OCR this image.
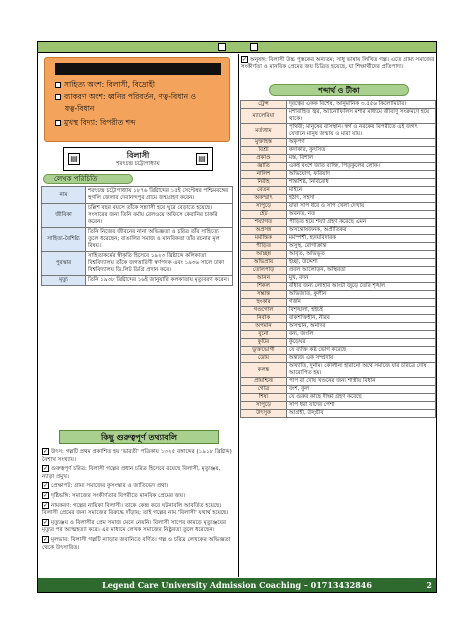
সাহিত্য অংশ: বিলাসী, বিদ্রোহী
ব্যাকরণ অংশ: ধ্বনির পরিবর্তন, ণত্ব-বিধান ও
ষত্ব-বিধান
মুখস্থ বিদ্যা: বিপরীত শব্দ
▤	বিলাসী
শরৎচন্দ্র চট্টোপাধ্যায়
▤
লেখক পরিচিতি
নাম	শরৎচন্দ্র চট্টোপাধ্যায় ১৮৭৬ খ্রিষ্টাব্দের ১৫ই সেপ্টেম্বর পশ্চিমবঙ্গের হুগলি জেলার দেবানন্দপুর গ্রামে জন্মগ্রহণ করেন।
জীবিকা	চল্লিশ বছর বয়সে তাঁকে সন্ন্যাসী হয়ে ঘুরে বেড়াতে হয়েছে। সংসারের জন্য তিনি বর্মায় রেলওয়ে অফিসে কেরানির চাকরি করেন।
সাহিত্য-বৈশিষ্ট্য	তিনি নিজের জীবনের নানা অভিজ্ঞতা ও চরিত্র তাঁর সাহিত্যে তুলে ধরেছেন; বাঙালির সমাজ ও মানবিকতা তাঁর রচনার মূল বিষয়।
পুরস্কার	সাহিত্যকর্মের স্বীকৃতি হিসেবে ১৯২৩ খ্রিষ্টাব্দে কলিকাতা বিশ্ববিদ্যালয় তাঁকে জগত্তারিণী স্বর্ণপদক এবং ১৯৩৬ সালে ঢাকা বিশ্ববিদ্যালয় ডি.লিট ডিগ্রি প্রদান করে।
মৃত্যু	তিনি ১৯৩৮ খ্রিষ্টাব্দের ১৬ই জানুয়ারি কলকাতায় মৃত্যুবরণ করেন।
কিছু গুরুত্বপূর্ণ তথ্যাবলি
✓ উৎস: গল্পটি প্রথম প্রকাশিত হয় 'ভারতী' পত্রিকায় ১৩২৫ বঙ্গাব্দের (১৯১৮ খ্রিষ্টাব্দ) বৈশাখ সংখ্যায়।
✓ গুরুত্বপূর্ণ চরিত্র: বিলাসী গল্পের প্রধান চরিত্র হিসেবে রয়েছে বিলাসী, মৃত্যুঞ্জয়, ন্যাড়া প্রমুখ।
✓ প্রেক্ষাপট: গ্রাম্য সমাজের কুসংস্কার ও জাতিভেদ প্রথা।
✓ দৃষ্টিভঙ্গি: সমাজের সংকীর্ণতার বিপরীতে মানবিক প্রেমের জয়।
✓ নামকরণ: গল্পের নায়িকা বিলাসী। তাকে কেন্দ্র করে ঘটনাবলি আবর্তিত হয়েছে। বিলাসী প্রেমের জন্য সমাজের বিরুদ্ধে দাঁড়ায়; তাই গল্পের নাম 'বিলাসী' যথার্থ হয়েছে।
✓ মৃত্যুঞ্জয় ও বিলাসীর প্রেম সমাজ মেনে নেয়নি। বিলাসী সাপের কামড়ে মৃত্যুঞ্জয়ের মৃত্যুর পর আত্মহত্যা করে। এর মাধ্যমে লেখক সমাজের নিষ্ঠুরতা তুলে ধরেছেন।
✓ মূলভাব: বিলাসী গল্পটি ন্যাড়ার জবানিতে বর্ণিত। গল্প ও চরিত্র লেখকের অভিজ্ঞতা থেকে উৎসারিত।
✓ অনুষঙ্গ: বিলাসী উচ্চ পুস্তকের অন্যতম; সাধু ভাষায় লিখিত গল্প। এতে গ্রাম্য সমাজের সংকীর্ণতা ও মানবিক প্রেমের জয় চিত্রিত হয়েছে, যা শিক্ষার্থীদের প্রতিপাদ্য।
শব্দার্থ ও টীকা
ট্রেন্স	দূরত্বের একক বিশেষ, আনুমানিক ৩.৫৫৬ কিলোমিটার।
ম্যালেরিয়া	মশাবাহিত জ্বর, অ্যানোফিলিস মশার মাধ্যমে জীবাণু সংক্রমণে হয়ে থাকে।
মর্ত্যধাম	পৃথিবী; মানুষের বাসস্থান। স্বর্গ ও নরকের বিপরীতে এই জগৎ যেখানে মানুষ জন্মায় ও মারা যায়।
মুক্তাহস্ত	অকৃপণ
বিশ্রী	কদাকার, কুৎসিত
প্রকাণ্ড	মস্ত, বিশাল
জ্ঞাতি	একই বংশে জাত ব্যক্তি, পিতৃকুলের লোক।
নালিশ	অভিযোগ, ফরিয়াদ
নিরীহ	শান্তশিষ্ট, নির্বিরোধ
বেতন	মাইনে
অকস্মাৎ	হঠাৎ, সহসা
সাপুড়ে	যারা সাপ ধরে ও সাপ খেলা দেখায়
হেঁট	অবনত, নত
শয্যাগত	পীড়িত হয়ে শয্যা গ্রহণ করেছে এমন
অপ্রসন্ন	অসন্তোষজনক, অপ্রীতিকর
মর্মান্তিক	মর্মস্পর্শী, হৃদয়বিদারক
পীড়িত	অসুস্থ, রোগাক্রান্ত
আচ্ছন্ন	আবৃত, অভিভূত
অভিপ্রায়	ইচ্ছা, উদ্দেশ্য
তোলপাড়	প্রবল আলোড়ন, অস্থিরতা
আনন	মুখ, বদন
শিকল	বাঁধার জন্য লোহার আংটা জুড়ে তৈরি শৃঙ্খল
সম্ভ্রান্ত	অভিজাত, কুলীন
হুংকার	গর্জন
গণ্ডগোল	বিশৃঙ্খলা, হইচই
নির্বাক	বাকশক্তিহীন, নীরব
অপমান	অসম্মান, অনাদর
বুনো	বন্য, জংলি
কুটির	কুঁড়েঘর
ভুক্তভোগী	যে ব্যক্তি কষ্ট ভোগ করেছে
ডোম	অন্ত্যজ এক সম্প্রদায়
কলঙ্ক	অখ্যাতি, দুর্নাম। কৌলীন্য হারানো অর্থে সমাজে যার চরিত্রে দোষ আরোপিত হয়।
প্রায়শ্চিত্ত	পাপ বা দোষ খণ্ডনের জন্য শাস্ত্রীয় বিধান
গোত্র	বংশ, কুল
শিষ্য	যে গুরুর কাছে দীক্ষা গ্রহণ করেছে
সাপুড়ে	সাপ ধরা যাদের পেশা
উৎসুক	আগ্রহী, উদ্‌গ্রীব
Legend Care University Admission Coaching – 01713432846	2
